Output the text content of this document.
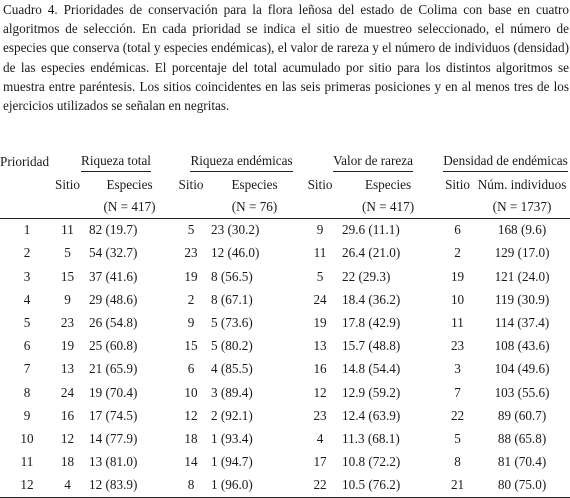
Cuadro 4. Prioridades de conservación para la flora leñosa del estado de Colima con base en cuatro algoritmos de selección. En cada prioridad se indica el sitio de muestreo seleccionado, el número de especies que conserva (total y especies endémicas), el valor de rareza y el número de individuos (densidad) de las especies endémicas. El porcentaje del total acumulado por sitio para los distintos algoritmos se muestra entre paréntesis. Los sitios coincidentes en las seis primeras posiciones y en al menos tres de los ejercicios utilizados se señalan en negritas.

Prioridad	Riqueza total		Riqueza endémicas		Valor de rareza		Densidad de endémicas	
	Sitio	Especies	Sitio	Especies	Sitio	Especies	Sitio	Núm. individuos
		(N = 417)		(N = 76)		(N = 417)		(N = 1737)
1	11	82 (19.7)	5	23 (30.2)	9	29.6 (11.1)	6	168 (9.6)
2	5	54 (32.7)	23	12 (46.0)	11	26.4 (21.0)	2	129 (17.0)
3	15	37 (41.6)	19	8 (56.5)	5	22 (29.3)	19	121 (24.0)
4	9	29 (48.6)	2	8 (67.1)	24	18.4 (36.2)	10	119 (30.9)
5	23	26 (54.8)	9	5 (73.6)	19	17.8 (42.9)	11	114 (37.4)
6	19	25 (60.8)	15	5 (80.2)	13	15.7 (48.8)	23	108 (43.6)
7	13	21 (65.9)	6	4 (85.5)	16	14.8 (54.4)	3	104 (49.6)
8	24	19 (70.4)	10	3 (89.4)	12	12.9 (59.2)	7	103 (55.6)
9	16	17 (74.5)	12	2 (92.1)	23	12.4 (63.9)	22	89 (60.7)
10	12	14 (77.9)	18	1 (93.4)	4	11.3 (68.1)	5	88 (65.8)
11	18	13 (81.0)	14	1 (94.7)	17	10.8 (72.2)	8	81 (70.4)
12	4	12 (83.9)	8	1 (96.0)	22	10.5 (76.2)	21	80 (75.0)
